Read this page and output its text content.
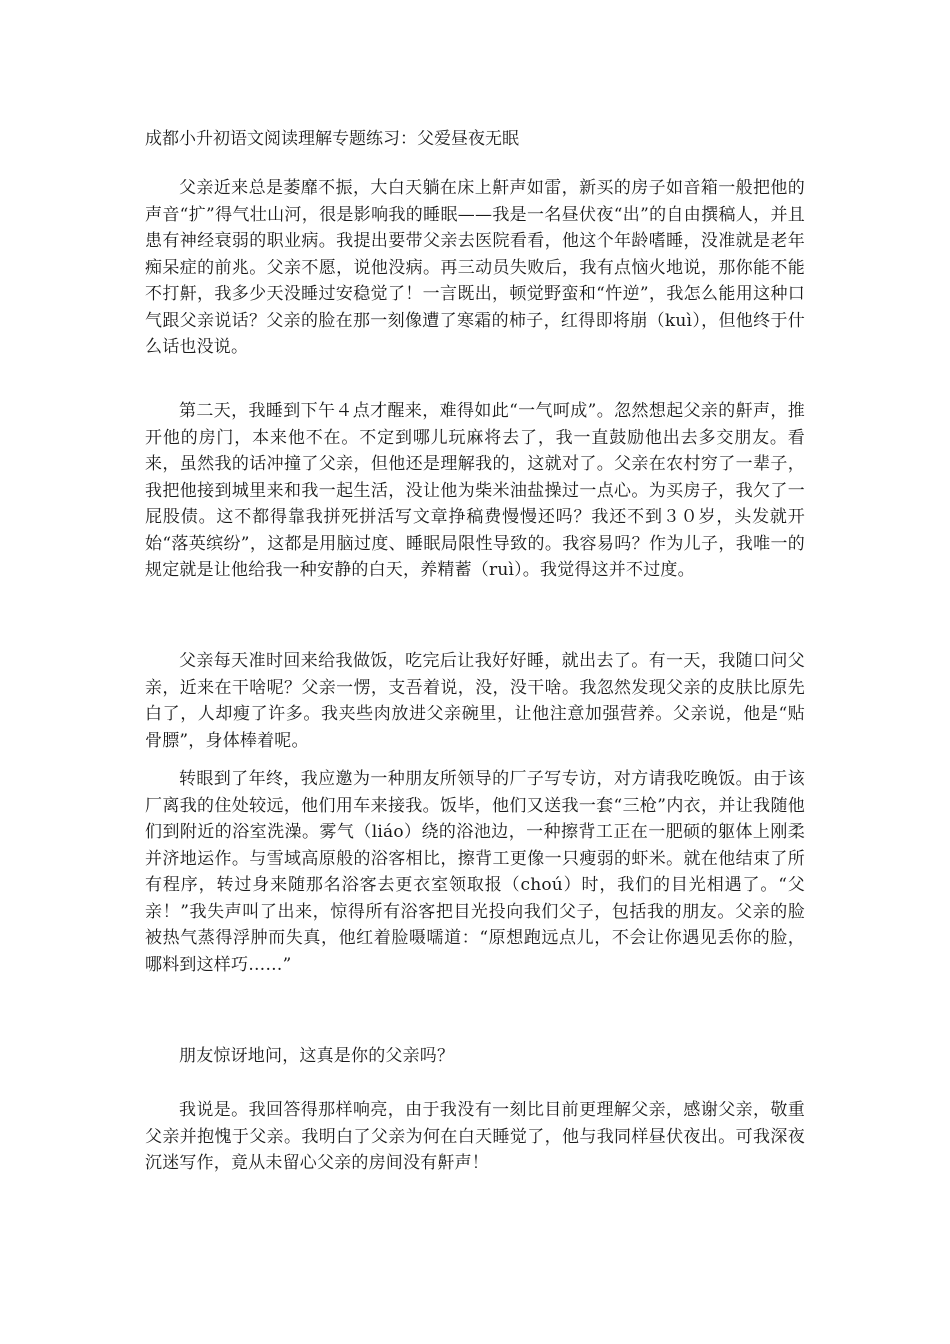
成都小升初语文阅读理解专题练习：父爱昼夜无眠

父亲近来总是萎靡不振，大白天躺在床上鼾声如雷，新买的房子如音箱一般把他的声音“扩”得气壮山河，很是影响我的睡眠——我是一名昼伏夜“出”的自由撰稿人，并且患有神经衰弱的职业病。我提出要带父亲去医院看看，他这个年龄嗜睡，没准就是老年痴呆症的前兆。父亲不愿，说他没病。再三动员失败后，我有点恼火地说，那你能不能不打鼾，我多少天没睡过安稳觉了！一言既出，顿觉野蛮和“忤逆”，我怎么能用这种口气跟父亲说话？父亲的脸在那一刻像遭了寒霜的柿子，红得即将崩（kuì），但他终于什么话也没说。

第二天，我睡到下午４点才醒来，难得如此“一气呵成”。忽然想起父亲的鼾声，推开他的房门，本来他不在。不定到哪儿玩麻将去了，我一直鼓励他出去多交朋友。看来，虽然我的话冲撞了父亲，但他还是理解我的，这就对了。父亲在农村穷了一辈子，我把他接到城里来和我一起生活，没让他为柴米油盐操过一点心。为买房子，我欠了一屁股债。这不都得靠我拼死拼活写文章挣稿费慢慢还吗？我还不到３０岁，头发就开始“落英缤纷”，这都是用脑过度、睡眠局限性导致的。我容易吗？作为儿子，我唯一的规定就是让他给我一种安静的白天，养精蓄（ruì）。我觉得这并不过度。

父亲每天准时回来给我做饭，吃完后让我好好睡，就出去了。有一天，我随口问父亲，近来在干啥呢？父亲一愣，支吾着说，没，没干啥。我忽然发现父亲的皮肤比原先白了，人却瘦了许多。我夹些肉放进父亲碗里，让他注意加强营养。父亲说，他是“贴骨膘”，身体棒着呢。

转眼到了年终，我应邀为一种朋友所领导的厂子写专访，对方请我吃晚饭。由于该厂离我的住处较远，他们用车来接我。饭毕，他们又送我一套“三枪”内衣，并让我随他们到附近的浴室洗澡。雾气（liáo）绕的浴池边，一种擦背工正在一肥硕的躯体上刚柔并济地运作。与雪域高原般的浴客相比，擦背工更像一只瘦弱的虾米。就在他结束了所有程序，转过身来随那名浴客去更衣室领取报（choú）时，我们的目光相遇了。“父亲！”我失声叫了出来，惊得所有浴客把目光投向我们父子，包括我的朋友。父亲的脸被热气蒸得浮肿而失真，他红着脸嗫嚅道：“原想跑远点儿，不会让你遇见丢你的脸，哪料到这样巧……”

朋友惊讶地问，这真是你的父亲吗？

我说是。我回答得那样响亮，由于我没有一刻比目前更理解父亲，感谢父亲，敬重父亲并抱愧于父亲。我明白了父亲为何在白天睡觉了，他与我同样昼伏夜出。可我深夜沉迷写作，竟从未留心父亲的房间没有鼾声！
